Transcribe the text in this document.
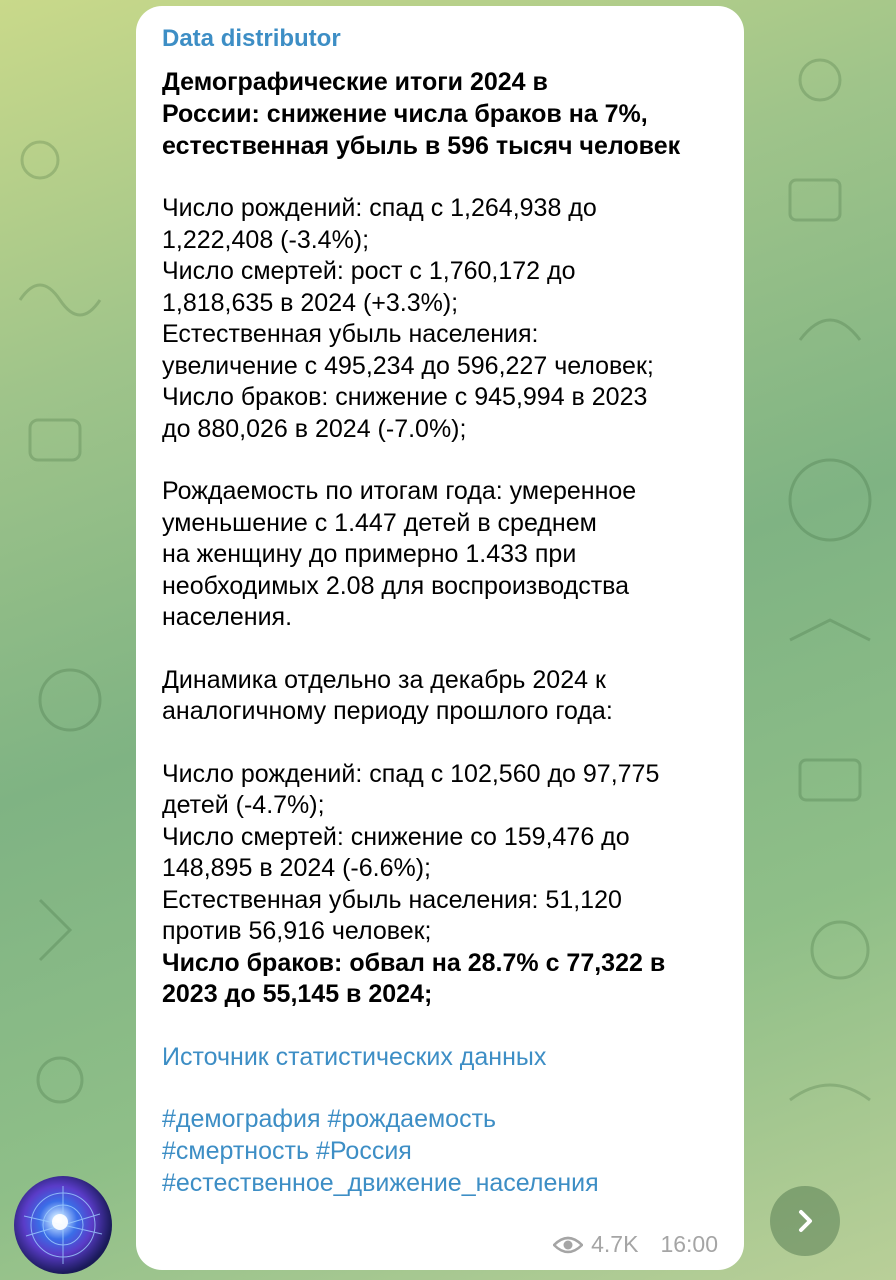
Data distributor
Демографические итоги 2024 в
России: снижение числа браков на 7%,
естественная убыль в 596 тысяч человек
Число рождений: спад с 1,264,938 до
1,222,408 (-3.4%);
Число смертей: рост с 1,760,172 до
1,818,635 в 2024 (+3.3%);
Естественная убыль населения:
увеличение с 495,234 до 596,227 человек;
Число браков: снижение с 945,994 в 2023
до 880,026 в 2024 (-7.0%);
Рождаемость по итогам года: умеренное
уменьшение с 1.447 детей в среднем
на женщину до примерно 1.433 при
необходимых 2.08 для воспроизводства
населения.
Динамика отдельно за декабрь 2024 к
аналогичному периоду прошлого года:
Число рождений: спад с 102,560 до 97,775
детей (-4.7%);
Число смертей: снижение со 159,476 до
148,895 в 2024 (-6.6%);
Естественная убыль населения: 51,120
против 56,916 человек;
Число браков: обвал на 28.7% с 77,322 в
2023 до 55,145 в 2024;
Источник статистических данных
#демография #рождаемость
#смертность #Россия
#естественное_движение_населения
4.7K 16:00
